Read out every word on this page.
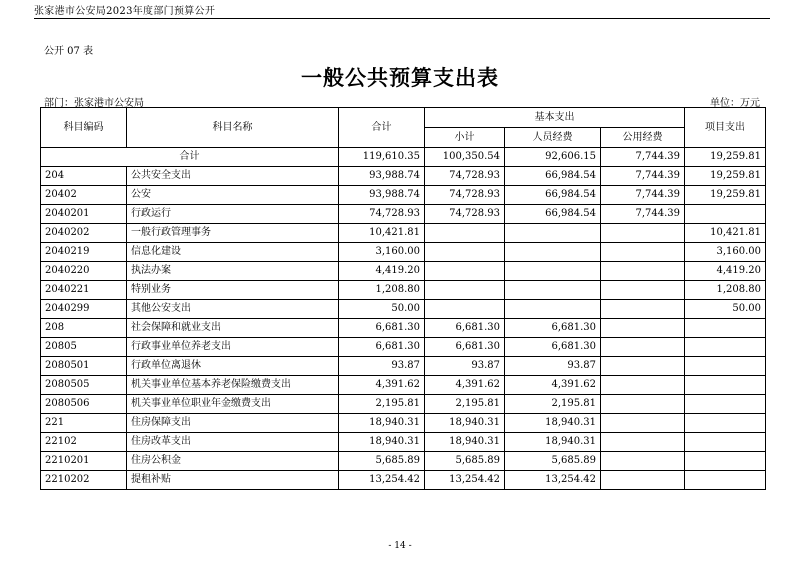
张家港市公安局2023年度部门预算公开
公开 07 表
一般公共预算支出表
部门：张家港市公安局	单位：万元
科目编码	科目名称	合计	基本支出			项目支出
			小计	人员经费	公用经费	
合计		119,610.35	100,350.54	92,606.15	7,744.39	19,259.81
204	公共安全支出	93,988.74	74,728.93	66,984.54	7,744.39	19,259.81
20402	公安	93,988.74	74,728.93	66,984.54	7,744.39	19,259.81
2040201	行政运行	74,728.93	74,728.93	66,984.54	7,744.39	
2040202	一般行政管理事务	10,421.81				10,421.81
2040219	信息化建设	3,160.00				3,160.00
2040220	执法办案	4,419.20				4,419.20
2040221	特别业务	1,208.80				1,208.80
2040299	其他公安支出	50.00				50.00
208	社会保障和就业支出	6,681.30	6,681.30	6,681.30		
20805	行政事业单位养老支出	6,681.30	6,681.30	6,681.30		
2080501	行政单位离退休	93.87	93.87	93.87		
2080505	机关事业单位基本养老保险缴费支出	4,391.62	4,391.62	4,391.62		
2080506	机关事业单位职业年金缴费支出	2,195.81	2,195.81	2,195.81		
221	住房保障支出	18,940.31	18,940.31	18,940.31		
22102	住房改革支出	18,940.31	18,940.31	18,940.31		
2210201	住房公积金	5,685.89	5,685.89	5,685.89		
2210202	提租补贴	13,254.42	13,254.42	13,254.42		
- 14 -
